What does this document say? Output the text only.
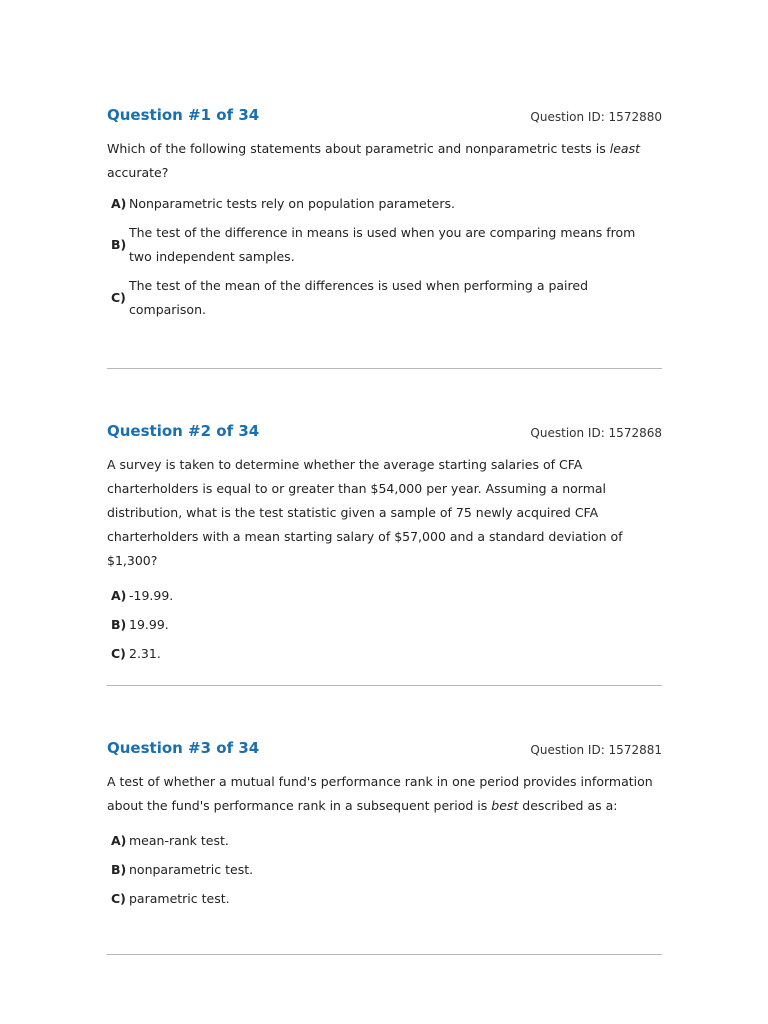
Question #1 of 34	Question ID: 1572880
Which of the following statements about parametric and nonparametric tests is least accurate?
A) Nonparametric tests rely on population parameters.
B)
The test of the difference in means is used when you are comparing means from two independent samples.
C)
The test of the mean of the differences is used when performing a paired comparison.
Question #2 of 34	Question ID: 1572868
A survey is taken to determine whether the average starting salaries of CFA charterholders is equal to or greater than $54,000 per year. Assuming a normal distribution, what is the test statistic given a sample of 75 newly acquired CFA charterholders with a mean starting salary of $57,000 and a standard deviation of $1,300?
A) -19.99.
B) 19.99.
C) 2.31.
Question #3 of 34	Question ID: 1572881
A test of whether a mutual fund's performance rank in one period provides information about the fund's performance rank in a subsequent period is best described as a:
A) mean-rank test.
B) nonparametric test.
C) parametric test.
